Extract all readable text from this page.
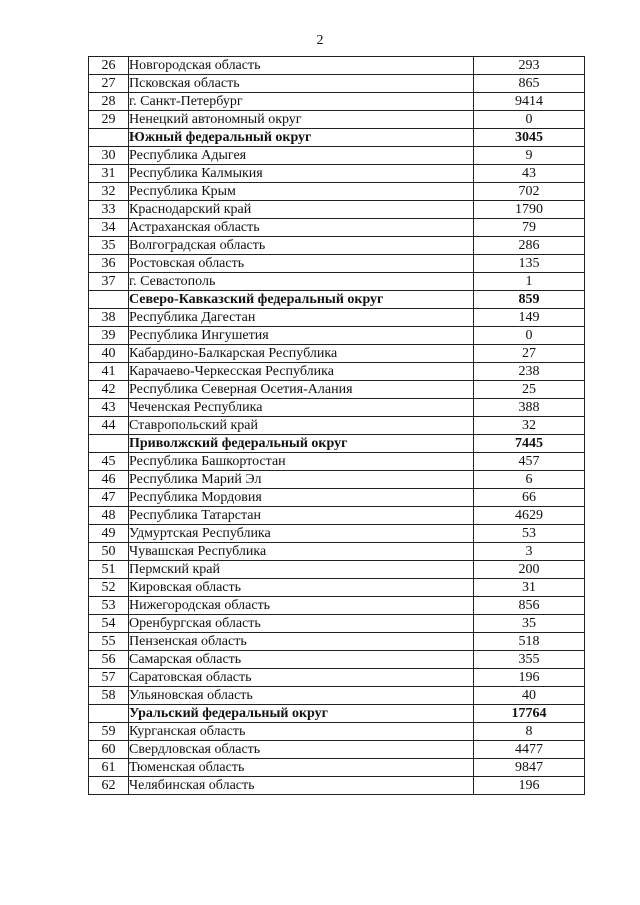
2
26	Новгородская область	293
27	Псковская область	865
28	г. Санкт-Петербург	9414
29	Ненецкий автономный округ	0
	Южный федеральный округ	3045
30	Республика Адыгея	9
31	Республика Калмыкия	43
32	Республика Крым	702
33	Краснодарский край	1790
34	Астраханская область	79
35	Волгоградская область	286
36	Ростовская область	135
37	г. Севастополь	1
	Северо-Кавказский федеральный округ	859
38	Республика Дагестан	149
39	Республика Ингушетия	0
40	Кабардино-Балкарская Республика	27
41	Карачаево-Черкесская Республика	238
42	Республика Северная Осетия-Алания	25
43	Чеченская Республика	388
44	Ставропольский край	32
	Приволжский федеральный округ	7445
45	Республика Башкортостан	457
46	Республика Марий Эл	6
47	Республика Мордовия	66
48	Республика Татарстан	4629
49	Удмуртская Республика	53
50	Чувашская Республика	3
51	Пермский край	200
52	Кировская область	31
53	Нижегородская область	856
54	Оренбургская область	35
55	Пензенская область	518
56	Самарская область	355
57	Саратовская область	196
58	Ульяновская область	40
	Уральский федеральный округ	17764
59	Курганская область	8
60	Свердловская область	4477
61	Тюменская область	9847
62	Челябинская область	196
